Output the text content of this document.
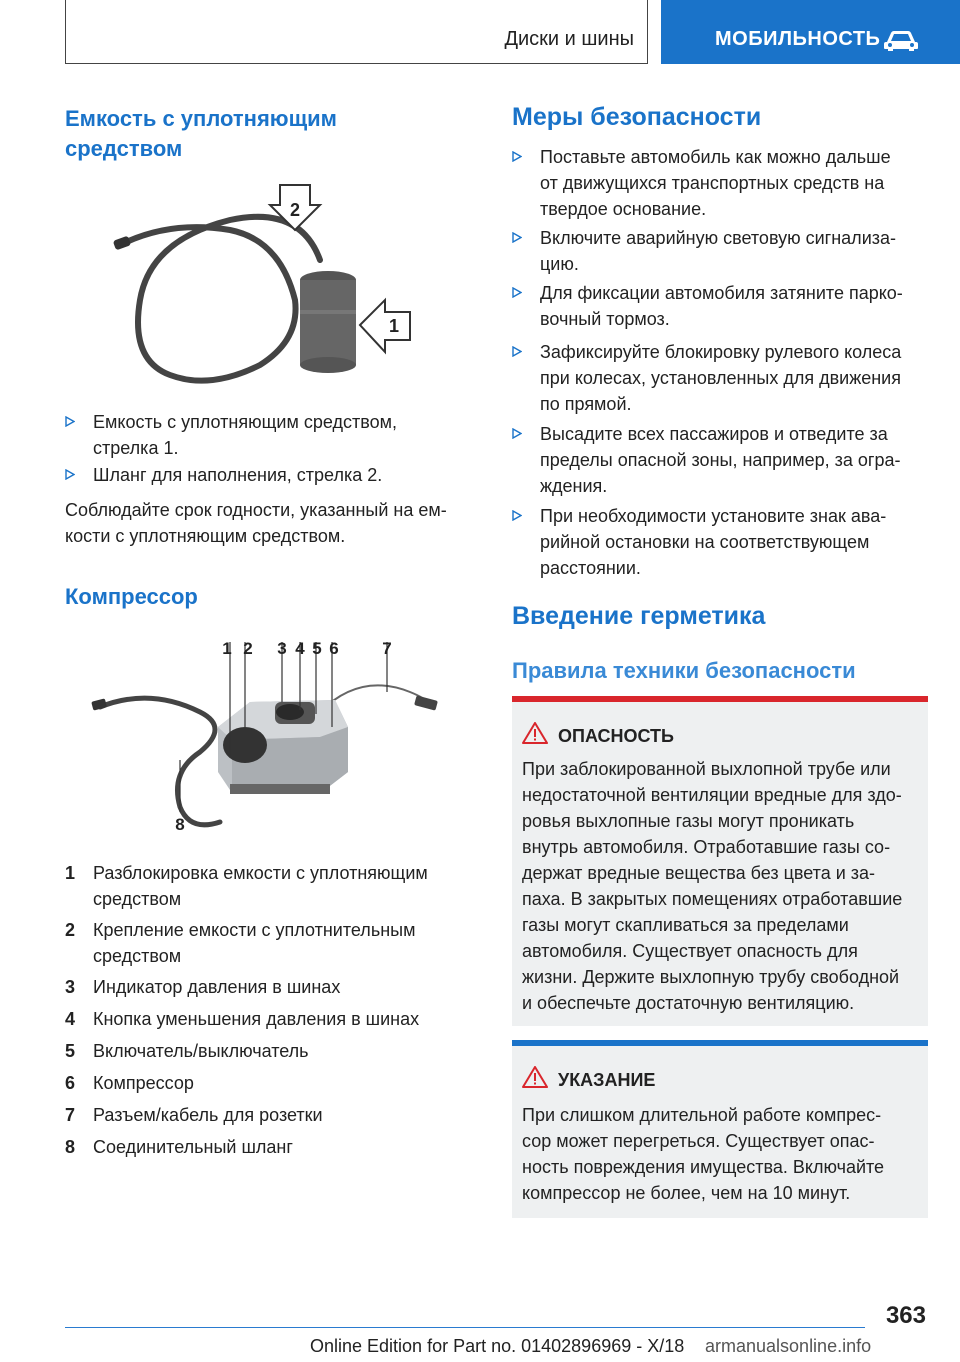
Диски и шины	МОБИЛЬНОСТЬ
Емкость с уплотняющим
средством
2
1
Емкость с уплотняющим средством,
стрелка 1.
Шланг для наполнения, стрелка 2.
Соблюдайте срок годности, указанный на ем-
кости с уплотняющим средством.
Компрессор
1 2 3 4 5 6	7
8
1 Разблокировка емкости с уплотняющим
средством
2 Крепление емкости с уплотнительным
средством
3 Индикатор давления в шинах
4 Кнопка уменьшения давления в шинах
5 Включатель/выключатель
6 Компрессор
7 Разъем/кабель для розетки
8 Соединительный шланг
Меры безопасности
Поставьте автомобиль как можно дальше
от движущихся транспортных средств на
твердое основание.
Включите аварийную световую сигнализа-
цию.
Для фиксации автомобиля затяните парко-
вочный тормоз.
Зафиксируйте блокировку рулевого колеса
при колесах, установленных для движения
по прямой.
Высадите всех пассажиров и отведите за
пределы опасной зоны, например, за огра-
ждения.
При необходимости установите знак ава-
рийной остановки на соответствующем
расстоянии.
Введение герметика
Правила техники безопасности
ОПАСНОСТЬ
При заблокированной выхлопной трубе или
недостаточной вентиляции вредные для здо-
ровья выхлопные газы могут проникать
внутрь автомобиля. Отработавшие газы со-
держат вредные вещества без цвета и за-
паха. В закрытых помещениях отработавшие
газы могут скапливаться за пределами
автомобиля. Существует опасность для
жизни. Держите выхлопную трубу свободной
и обеспечьте достаточную вентиляцию.
УКАЗАНИЕ
При слишком длительной работе компрес-
сор может перегреться. Существует опас-
ность повреждения имущества. Включайте
компрессор не более, чем на 10 минут.
363
Online Edition for Part no. 01402896969 - X/18 armanualsonline.info
